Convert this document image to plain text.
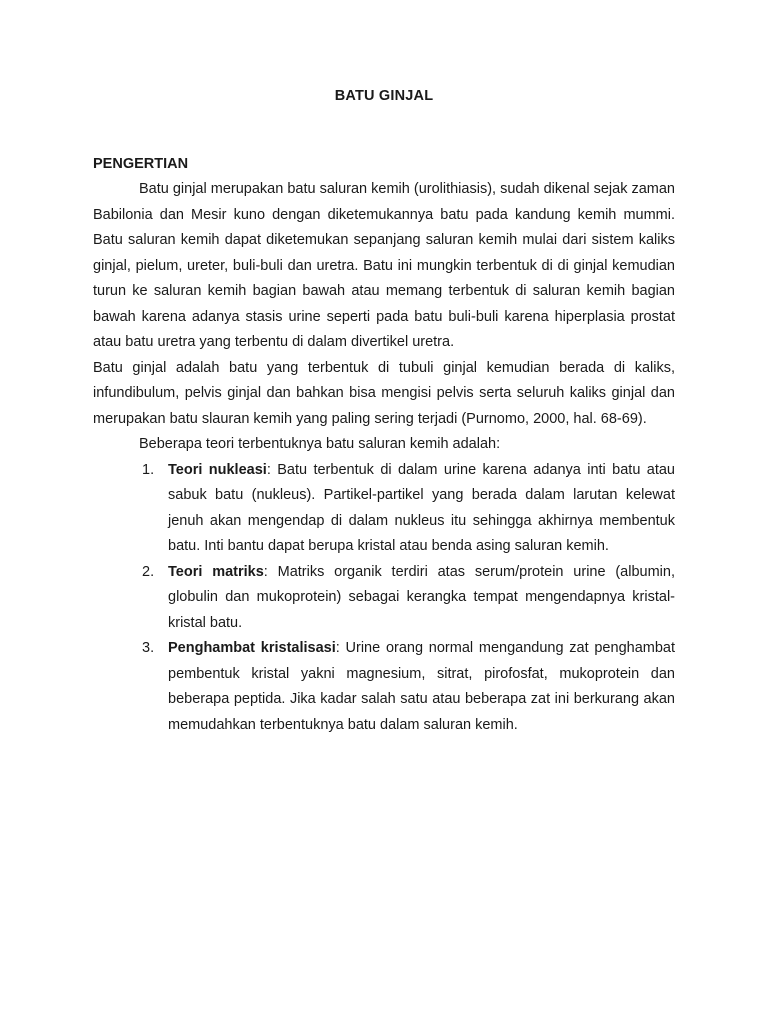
BATU GINJAL
PENGERTIAN

Batu ginjal merupakan batu saluran kemih (urolithiasis), sudah dikenal sejak zaman Babilonia dan Mesir kuno dengan diketemukannya batu pada kandung kemih mummi. Batu saluran kemih dapat diketemukan sepanjang saluran kemih mulai dari sistem kaliks ginjal, pielum, ureter, buli-buli dan uretra. Batu ini mungkin terbentuk di di ginjal kemudian turun ke saluran kemih bagian bawah atau memang terbentuk di saluran kemih bagian bawah karena adanya stasis urine seperti pada batu buli-buli karena hiperplasia prostat atau batu uretra yang terbentu di dalam divertikel uretra.

Batu ginjal adalah batu yang terbentuk di tubuli ginjal kemudian berada di kaliks, infundibulum, pelvis ginjal dan bahkan bisa mengisi pelvis serta seluruh kaliks ginjal dan merupakan batu slauran kemih yang paling sering terjadi (Purnomo, 2000, hal. 68-69).

Beberapa teori terbentuknya batu saluran kemih adalah:

1. Teori nukleasi: Batu terbentuk di dalam urine karena adanya inti batu atau sabuk batu (nukleus). Partikel-partikel yang berada dalam larutan kelewat jenuh akan mengendap di dalam nukleus itu sehingga akhirnya membentuk batu. Inti bantu dapat berupa kristal atau benda asing saluran kemih.
2. Teori matriks: Matriks organik terdiri atas serum/protein urine (albumin, globulin dan mukoprotein) sebagai kerangka tempat mengendapnya kristal-kristal batu.
3. Penghambat kristalisasi: Urine orang normal mengandung zat penghambat pembentuk kristal yakni magnesium, sitrat, pirofosfat, mukoprotein dan beberapa peptida. Jika kadar salah satu atau beberapa zat ini berkurang akan memudahkan terbentuknya batu dalam saluran kemih.
